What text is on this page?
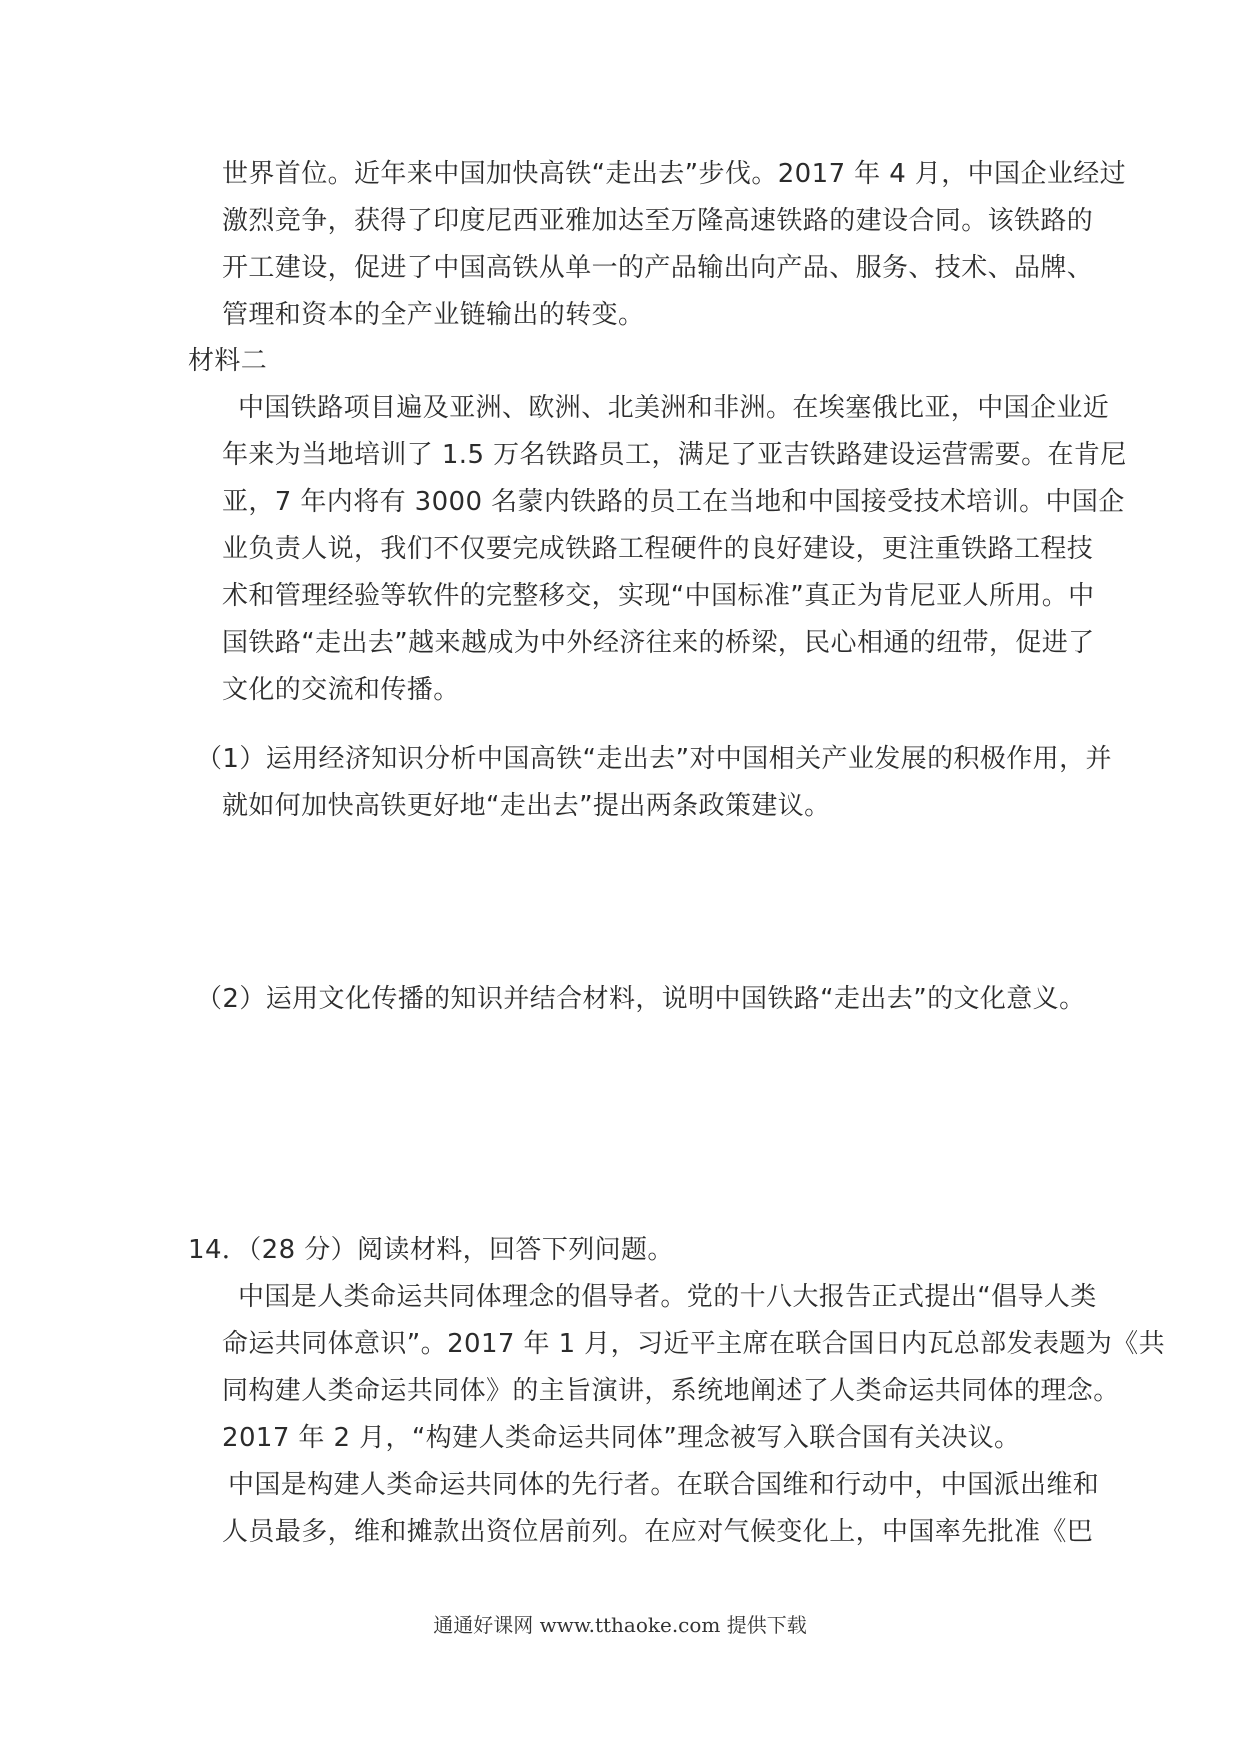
世界首位。近年来中国加快高铁“走出去”步伐。2017 年 4 月，中国企业经过
激烈竞争，获得了印度尼西亚雅加达至万隆高速铁路的建设合同。该铁路的
开工建设，促进了中国高铁从单一的产品输出向产品、服务、技术、品牌、
管理和资本的全产业链输出的转变。
材料二
中国铁路项目遍及亚洲、欧洲、北美洲和非洲。在埃塞俄比亚，中国企业近
年来为当地培训了 1.5 万名铁路员工，满足了亚吉铁路建设运营需要。在肯尼
亚，7 年内将有 3000 名蒙内铁路的员工在当地和中国接受技术培训。中国企
业负责人说，我们不仅要完成铁路工程硬件的良好建设，更注重铁路工程技
术和管理经验等软件的完整移交，实现“中国标准”真正为肯尼亚人所用。中
国铁路“走出去”越来越成为中外经济往来的桥梁，民心相通的纽带，促进了
文化的交流和传播。
（1）运用经济知识分析中国高铁“走出去”对中国相关产业发展的积极作用，并
就如何加快高铁更好地“走出去”提出两条政策建议。
（2）运用文化传播的知识并结合材料，说明中国铁路“走出去”的文化意义。
14．（28 分）阅读材料，回答下列问题。
中国是人类命运共同体理念的倡导者。党的十八大报告正式提出“倡导人类
命运共同体意识”。2017 年 1 月，习近平主席在联合国日内瓦总部发表题为《共
同构建人类命运共同体》的主旨演讲，系统地阐述了人类命运共同体的理念。
2017 年 2 月，“构建人类命运共同体”理念被写入联合国有关决议。
中国是构建人类命运共同体的先行者。在联合国维和行动中，中国派出维和
人员最多，维和摊款出资位居前列。在应对气候变化上，中国率先批准《巴
通通好课网 www.tthaoke.com 提供下载
